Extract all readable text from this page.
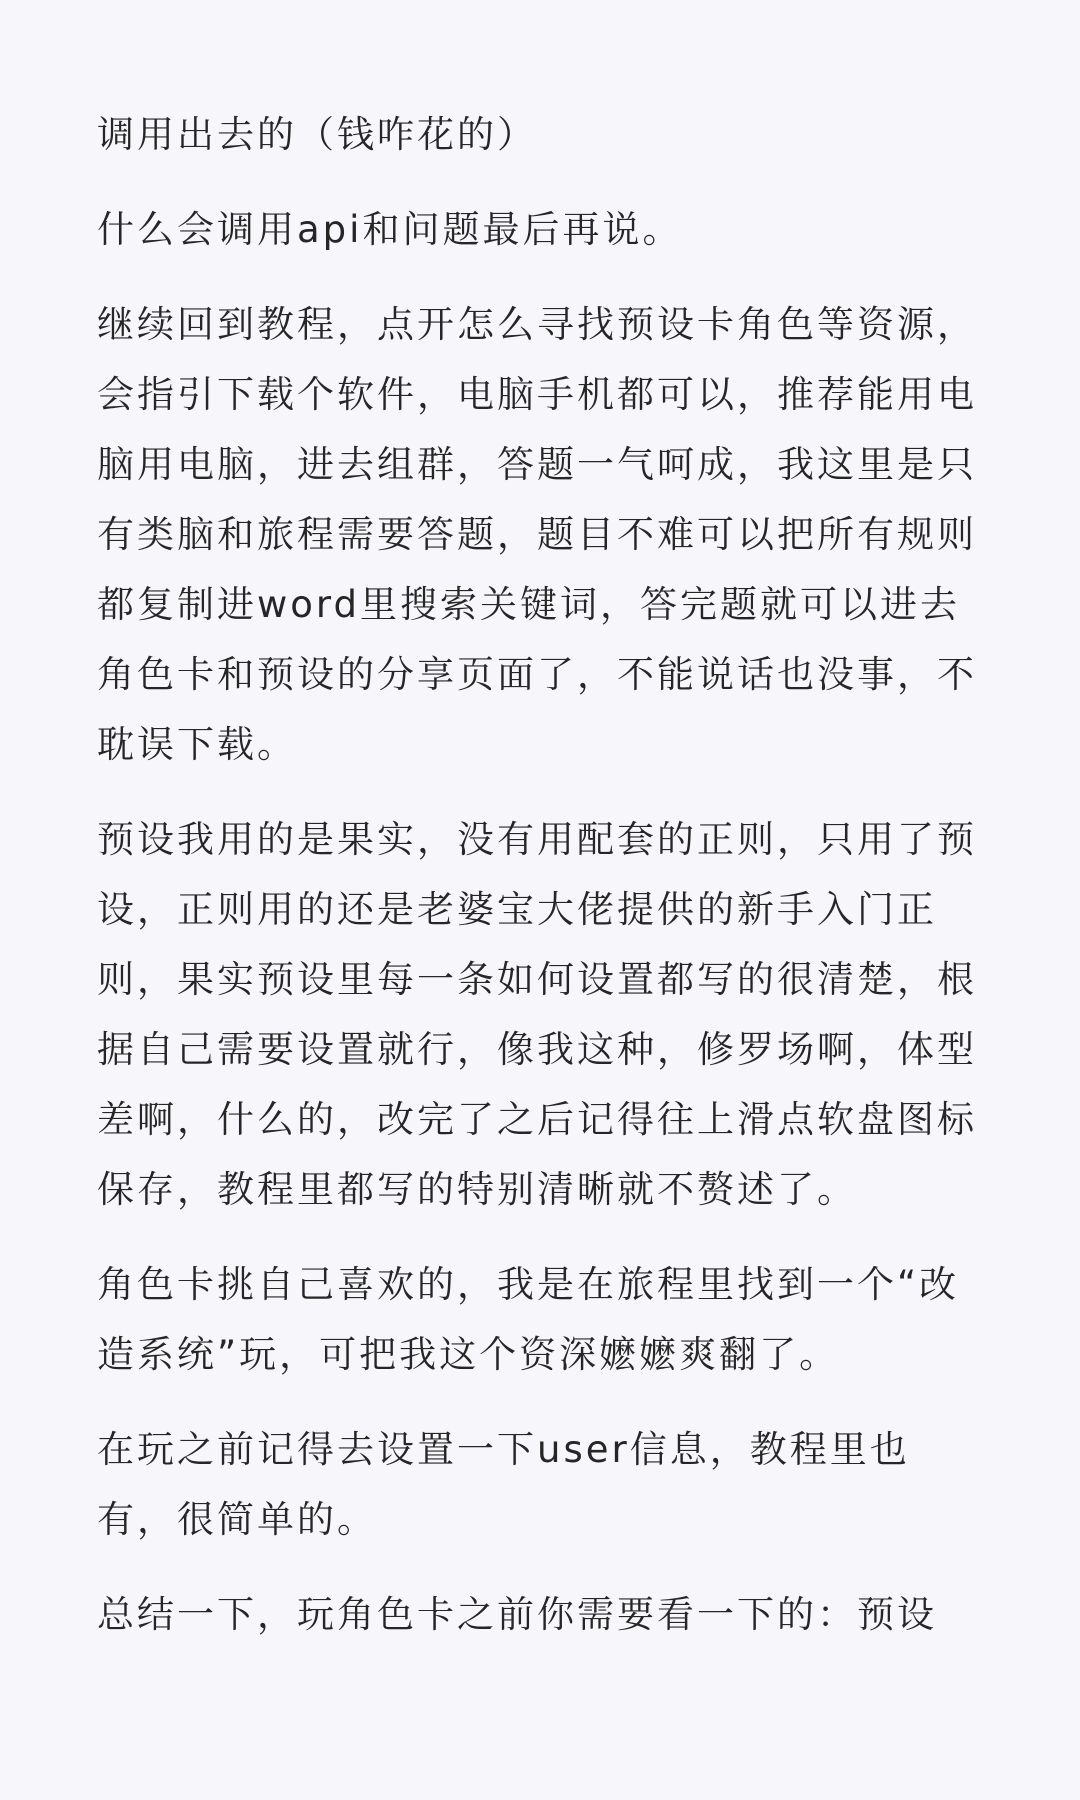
调用出去的（钱咋花的）

什么会调用api和问题最后再说。

继续回到教程，点开怎么寻找预设卡角色等资源，会指引下载个软件，电脑手机都可以，推荐能用电脑用电脑，进去组群，答题一气呵成，我这里是只有类脑和旅程需要答题，题目不难可以把所有规则都复制进word里搜索关键词，答完题就可以进去角色卡和预设的分享页面了，不能说话也没事，不耽误下载。

预设我用的是果实，没有用配套的正则，只用了预设，正则用的还是老婆宝大佬提供的新手入门正则，果实预设里每一条如何设置都写的很清楚，根据自己需要设置就行，像我这种，修罗场啊，体型差啊，什么的，改完了之后记得往上滑点软盘图标保存，教程里都写的特别清晰就不赘述了。

角色卡挑自己喜欢的，我是在旅程里找到一个“改造系统”玩，可把我这个资深嬷嬷爽翻了。

在玩之前记得去设置一下user信息，教程里也有，很简单的。

总结一下，玩角色卡之前你需要看一下的：预设
